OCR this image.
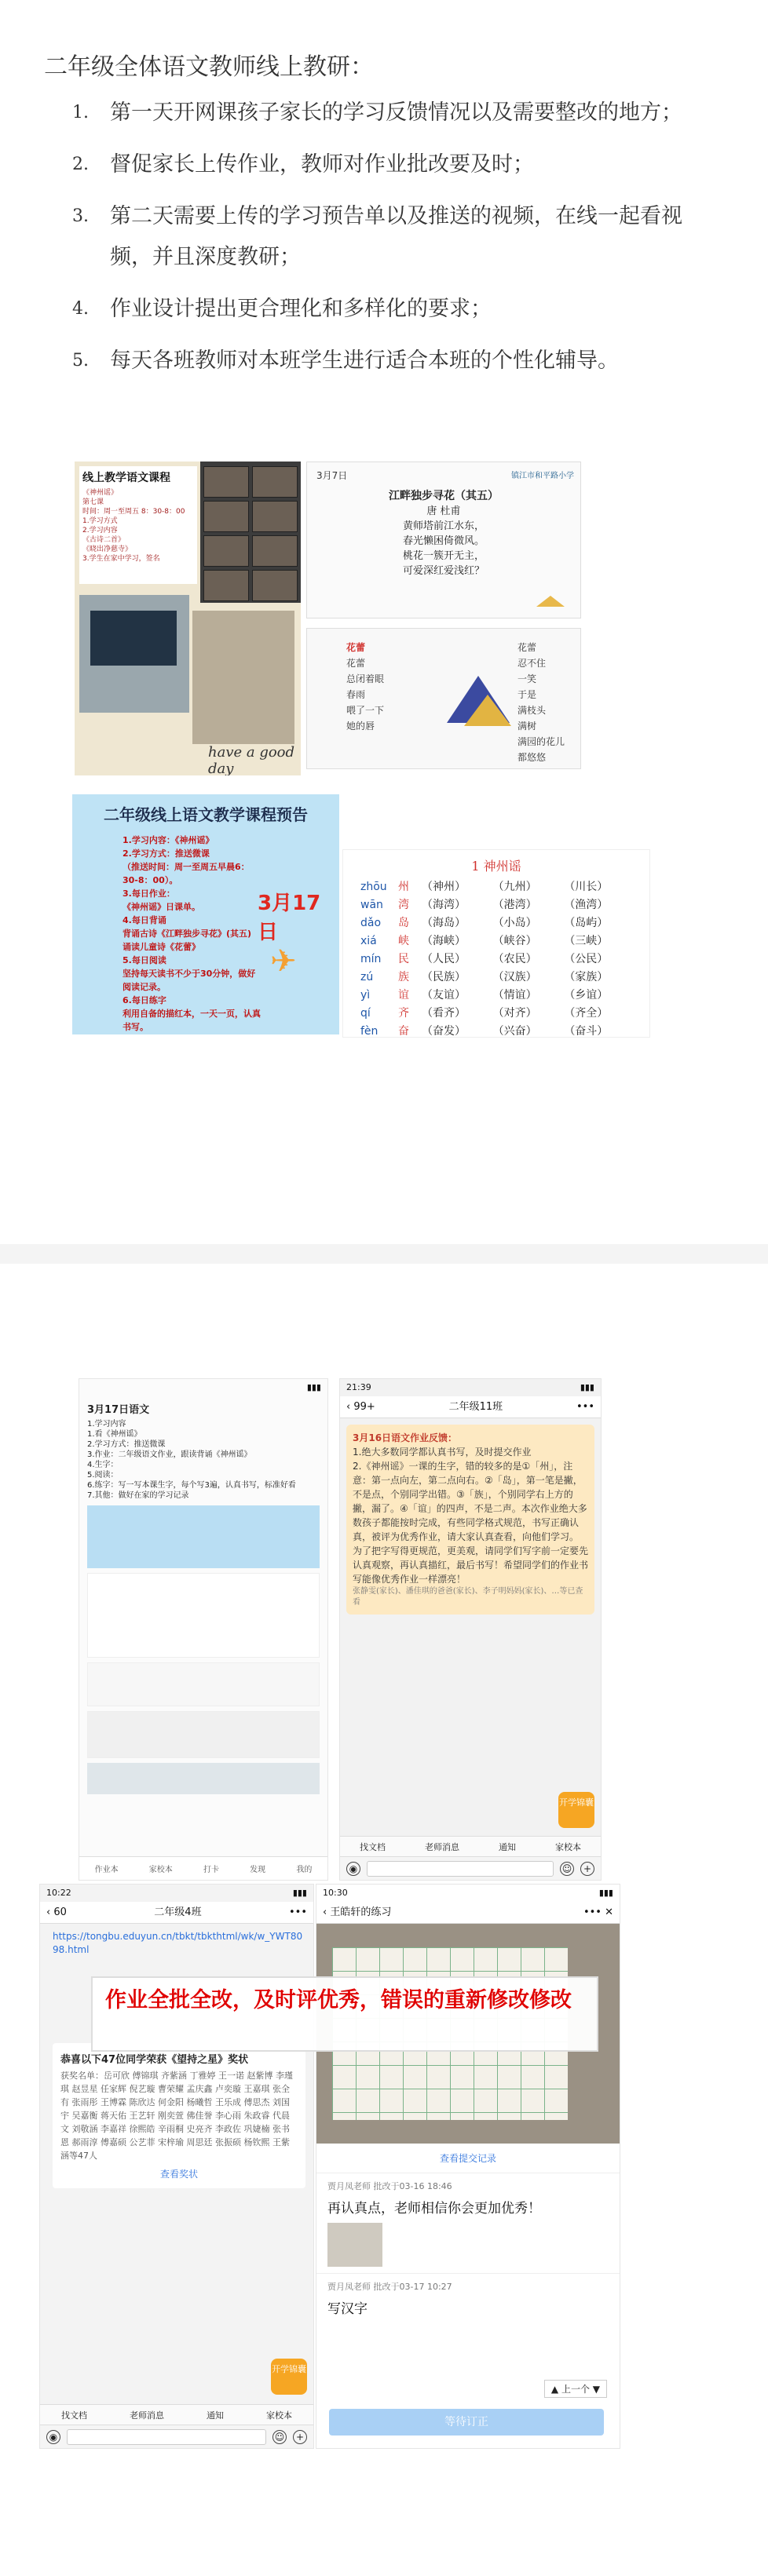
二年级全体语文教师线上教研：
1. 第一天开网课孩子家长的学习反馈情况以及需要整改的地方；
2. 督促家长上传作业，教师对作业批改要及时；
3. 第二天需要上传的学习预告单以及推送的视频，在线一起看视频，并且深度教研；
4. 作业设计提出更合理化和多样化的要求；
5. 每天各班教师对本班学生进行适合本班的个性化辅导。
线上教学语文课程
《神州谣》
第七课
时间：周一至周五 8：30-8：00
1.学习方式
2.学习内容
《古诗二首》
《晓出净慈寺》
3.学生在家中学习，签名
have a good day
3月7日	镇江市和平路小学
江畔独步寻花（其五）
唐 杜甫
黄师塔前江水东，
春光懒困倚微风。
桃花一簇开无主，
可爱深红爱浅红？
花蕾
花蕾
总闭着眼
春雨
喂了一下
她的唇
花蕾
忍不住
一笑
于是
满枝头
满树
满园的花儿
都悠悠
二年级线上语文教学课程预告
1.学习内容：《神州谣》
2.学习方式：推送微课
（推送时间：周一至周五早晨6：30-8：00）。
3.每日作业：
《神州谣》日课单。
4.每日背诵
背诵古诗《江畔独步寻花》(其五)
诵读儿童诗《花蕾》
5.每日阅读
坚持每天读书不少于30分钟，做好阅读记录。
6.每日练字
利用自备的描红本，一天一页，认真书写。
3月17日
✈
1 神州谣
zhōu	州	（神州）	（九州）	（川长）
wān	湾	（海湾）	（港湾）	（渔湾）
dǎo	岛	（海岛）	（小岛）	（岛屿）
xiá	峡	（海峡）	（峡谷）	（三峡）
mín	民	（人民）	（农民）	（公民）
zú	族	（民族）	（汉族）	（家族）
yì	谊	（友谊）	（情谊）	（乡谊）
qí	齐	（看齐）	（对齐）	（齐全）
fèn	奋	（奋发）	（兴奋）	（奋斗）
▮▮▮
3月17日语文
1.学习内容
1.看《神州谣》
2.学习方式：推送微课
3.作业：二年级语文作业，跟读背诵《神州谣》
4.生字：
5.阅读：
6.练字：写一写本课生字，每个写3遍，认真书写，标准好看
7.其他：做好在家的学习记录
作业本	家校本	打卡	发现	我的
21:39	▮▮▮
‹ 99+	二年级11班	•••
3月16日语文作业反馈：
1.绝大多数同学都认真书写，及时提交作业
2.《神州谣》一课的生字，错的较多的是①「州」，注意：第一点向左，第二点向右。②「岛」，第一笔是撇，不是点，个别同学出错。③「族」，个别同学右上方的撇，漏了。④「谊」的四声，不是二声。本次作业绝大多数孩子都能按时完成，有些同学格式规范，书写正确认真，被评为优秀作业，请大家认真查看，向他们学习。
为了把字写得更规范，更美观，请同学们写字前一定要先认真观察，再认真描红，最后书写！希望同学们的作业书写能像优秀作业一样漂亮！
张静雯(家长)、潘佳琪的爸爸(家长)、李子明妈妈(家长)、…等已查看
开学锦囊
找文档	老师消息	通知	家校本
◉	☺	+
10:22	▮▮▮
‹ 60	二年级4班	•••
https://tongbu.eduyun.cn/tbkt/tbkthtml/wk/w_YWT8098.html
恭喜以下47位同学荣获《望持之星》奖状
获奖名单：岳可欣 傅锦琪 齐紫涵 丁雅婷 王一诺 赵紫博 李瑾琪 赵昱星 任家辉 倪艺璇 曹荣耀 孟庆鑫 卢奕璇 王嘉琪 张全有 张雨彤 王博霖 陈欣达 何金阳 杨曦哲 王乐成 傅思杰 刘国宇 吴嘉衡 蒋天佑 王艺轩 刚奕萱 佛佳誉 李心雨 朱政睿 代晨文 刘敬涵 李嘉祥 徐熙皓 辛雨桐 史亮齐 李政佐 巩婕楠 张书恩 郝雨淳 傅嘉硕 公艺菲 宋梓瑜 周思廷 张振硕 杨钦熙 王紫涵等47人
查看奖状
开学锦囊
找文档	老师消息	通知	家校本
◉	☺	+
10:30	▮▮▮
‹ 王皓轩的练习	••• ✕
查看提交记录
贾月凤老师 批改于03-16 18:46
再认真点，老师相信你会更加优秀！
贾月凤老师 批改于03-17 10:27
写汉字
▲ 上一个 ▼
等待订正
作业全批全改，及时评优秀，错误的重新修改修改
